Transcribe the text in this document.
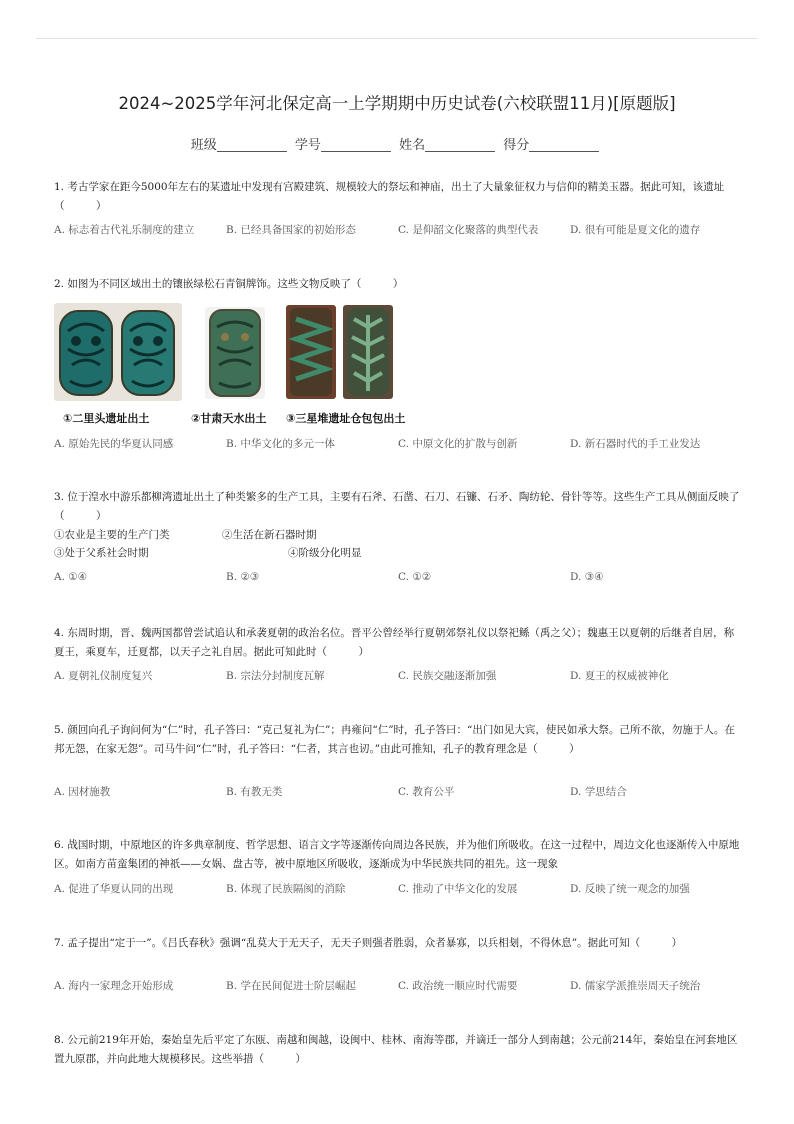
2024~2025学年河北保定高一上学期期中历史试卷(六校联盟11月)[原题版]
班级	学号	姓名	得分

1. 考古学家在距今5000年左右的某遗址中发现有宫殿建筑、规模较大的祭坛和神庙，出土了大量象征权力与信仰的精美玉器。据此可知，该遗址（　　　）

A. 标志着古代礼乐制度的建立	B. 已经具备国家的初始形态	C. 是仰韶文化聚落的典型代表	D. 很有可能是夏文化的遗存

2. 如图为不同区域出土的镶嵌绿松石青铜牌饰。这些文物反映了（　　　）

①二里头遗址出土	②甘肃天水出土 ③三星堆遗址仓包包出土
A. 原始先民的华夏认同感	B. 中华文化的多元一体	C. 中原文化的扩散与创新	D. 新石器时代的手工业发达

3. 位于湟水中游乐都柳湾遗址出土了种类繁多的生产工具，主要有石斧、石凿、石刀、石镰、石矛、陶纺轮、骨针等等。这些生产工具从侧面反映了（　　　）

①农业是主要的生产门类	②生活在新石器时期
③处于父系社会时期	④阶级分化明显
A. ①④	B. ②③	C. ①②	D. ③④

4. 东周时期，晋、魏两国都曾尝试追认和承袭夏朝的政治名位。晋平公曾经举行夏朝郊祭礼仪以祭祀鲧（禹之父）；魏惠王以夏朝的后继者自居，称夏王，乘夏车，迁夏都，以天子之礼自居。据此可知此时（　　　）

A. 夏朝礼仪制度复兴	B. 宗法分封制度瓦解	C. 民族交融逐渐加强	D. 夏王的权威被神化

5. 颜回向孔子询问何为“仁”时，孔子答曰：“克己复礼为仁”；冉雍问“仁”时，孔子答曰：“出门如见大宾，使民如承大祭。己所不欲，勿施于人。在邦无怨，在家无怨”。司马牛问“仁”时，孔子答曰：“仁者，其言也讱。”由此可推知，孔子的教育理念是（　　　）

A. 因材施教	B. 有教无类	C. 教育公平	D. 学思结合

6. 战国时期，中原地区的许多典章制度、哲学思想、语言文字等逐渐传向周边各民族，并为他们所吸收。在这一过程中，周边文化也逐渐传入中原地区。如南方苗蛮集团的神祇——女娲、盘古等，被中原地区所吸收，逐渐成为中华民族共同的祖先。这一现象

A. 促进了华夏认同的出现	B. 体现了民族隔阂的消除	C. 推动了中华文化的发展	D. 反映了统一观念的加强

7. 孟子提出“定于一”。《吕氏春秋》强调“乱莫大于无天子，无天子则强者胜弱，众者暴寡，以兵相刬，不得休息”。据此可知（　　　）

A. 海内一家理念开始形成	B. 学在民间促进士阶层崛起	C. 政治统一顺应时代需要	D. 儒家学派推崇周天子统治

8. 公元前219年开始，秦始皇先后平定了东瓯、南越和闽越，设闽中、桂林、南海等郡，并谪迁一部分人到南越；公元前214年，秦始皇在河套地区置九原郡，并向此地大规模移民。这些举措（　　　）
